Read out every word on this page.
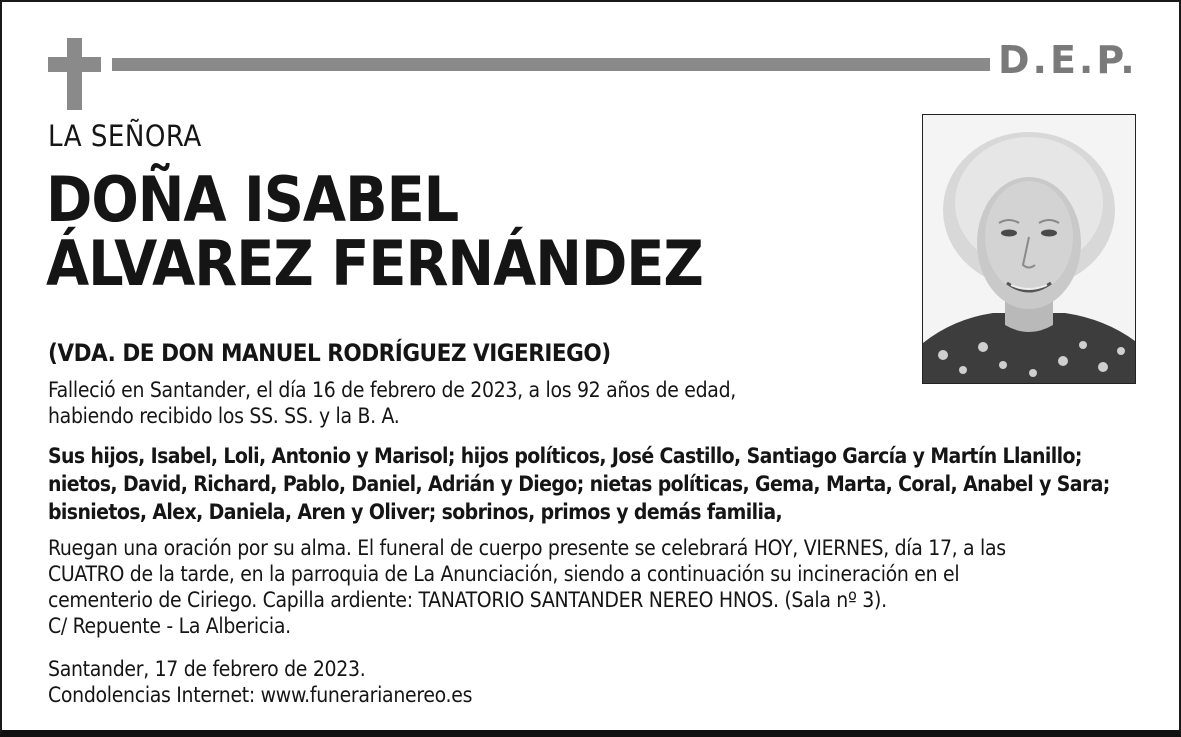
D.E.P.
LA SEÑORA
DOÑA ISABEL
ÁLVAREZ FERNÁNDEZ
(VDA. DE DON MANUEL RODRÍGUEZ VIGERIEGO)

Falleció en Santander, el día 16 de febrero de 2023, a los 92 años de edad,
habiendo recibido los SS. SS. y la B. A.

Sus hijos, Isabel, Loli, Antonio y Marisol; hijos políticos, José Castillo, Santiago García y Martín Llanillo;
nietos, David, Richard, Pablo, Daniel, Adrián y Diego; nietas políticas, Gema, Marta, Coral, Anabel y Sara;
bisnietos, Alex, Daniela, Aren y Oliver; sobrinos, primos y demás familia,

Ruegan una oración por su alma. El funeral de cuerpo presente se celebrará HOY, VIERNES, día 17, a las
CUATRO de la tarde, en la parroquia de La Anunciación, siendo a continuación su incineración en el
cementerio de Ciriego. Capilla ardiente: TANATORIO SANTANDER NEREO HNOS. (Sala nº 3).
C/ Repuente - La Albericia.

Santander, 17 de febrero de 2023.
Condolencias Internet: www.funerarianereo.es
